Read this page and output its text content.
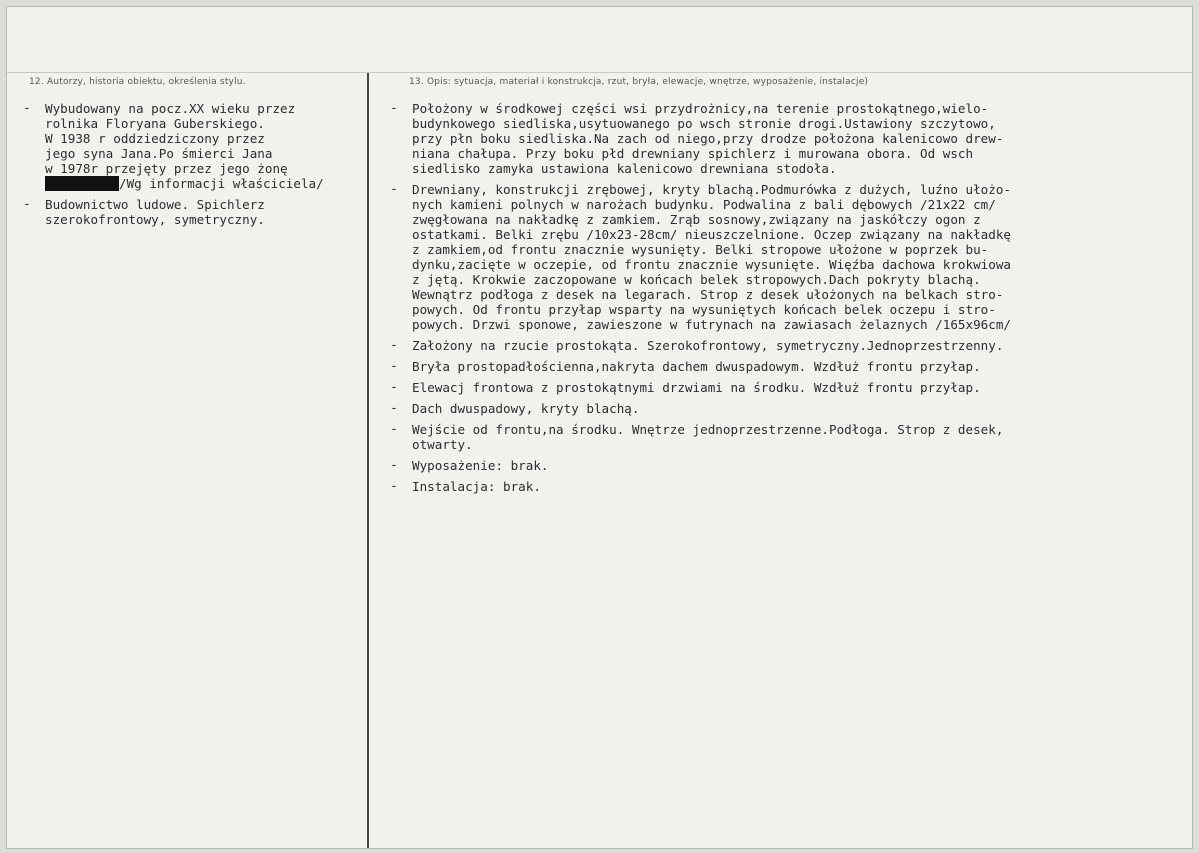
12. Autorzy, historia obiektu, określenia stylu.	13. Opis: sytuacja, materiał i konstrukcja, rzut, bryła, elewacje, wnętrze, wyposażenie, instalacje)
-	Wybudowany na pocz.XX wieku przez
rolnika Floryana Guberskiego.
W 1938 r oddziedziczony przez
jego syna Jana.Po śmierci Jana
w 1978r przejęty przez jego żonę
/Wg informacji właściciela/
-	Budownictwo ludowe. Spichlerz
szerokofrontowy, symetryczny.
-	Położony w środkowej części wsi przydrożnicy,na terenie prostokątnego,wielo-
budynkowego siedliska,usytuowanego po wsch stronie drogi.Ustawiony szczytowo,
przy płn boku siedliska.Na zach od niego,przy drodze położona kalenicowo drew-
niana chałupa. Przy boku płd drewniany spichlerz i murowana obora. Od wsch
siedlisko zamyka ustawiona kalenicowo drewniana stodoła.
-	Drewniany, konstrukcji zrębowej, kryty blachą.Podmurówka z dużych, luźno ułożo-
nych kamieni polnych w narożach budynku. Podwalina z bali dębowych /21x22 cm/
zwęgłowana na nakładkę z zamkiem. Zrąb sosnowy,związany na jaskółczy ogon z
ostatkami. Belki zrębu /10x23-28cm/ nieuszczelnione. Oczep związany na nakładkę
z zamkiem,od frontu znacznie wysunięty. Belki stropowe ułożone w poprzek bu-
dynku,zacięte w oczepie, od frontu znacznie wysunięte. Więźba dachowa krokwiowa
z jętą. Krokwie zaczopowane w końcach belek stropowych.Dach pokryty blachą.
Wewnątrz podłoga z desek na legarach. Strop z desek ułożonych na belkach stro-
powych. Od frontu przyłap wsparty na wysuniętych końcach belek oczepu i stro-
powych. Drzwi sponowe, zawieszone w futrynach na zawiasach żelaznych /165x96cm/
-	Założony na rzucie prostokąta. Szerokofrontowy, symetryczny.Jednoprzestrzenny.
-	Bryła prostopadłościenna,nakryta dachem dwuspadowym. Wzdłuż frontu przyłap.
-	Elewacj frontowa z prostokątnymi drzwiami na środku. Wzdłuż frontu przyłap.
-	Dach dwuspadowy, kryty blachą.
-	Wejście od frontu,na środku. Wnętrze jednoprzestrzenne.Podłoga. Strop z desek,
otwarty.
-	Wyposażenie: brak.
-	Instalacja: brak.
